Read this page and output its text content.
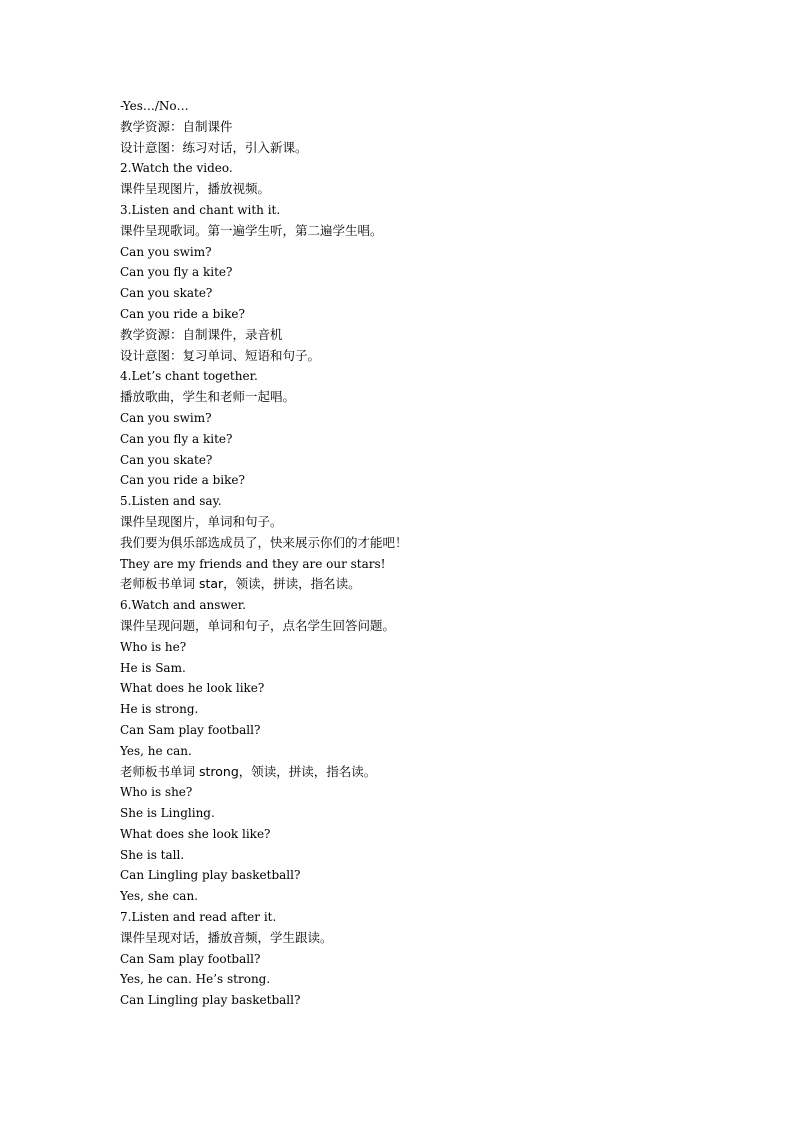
-Yes…/No…
教学资源：自制课件
设计意图：练习对话，引入新课。
2.Watch the video.
课件呈现图片，播放视频。
3.Listen and chant with it.
课件呈现歌词。第一遍学生听，第二遍学生唱。
Can you swim?
Can you fly a kite?
Can you skate?
Can you ride a bike?
教学资源：自制课件，录音机
设计意图：复习单词、短语和句子。
4.Let’s chant together.
播放歌曲，学生和老师一起唱。
Can you swim?
Can you fly a kite?
Can you skate?
Can you ride a bike?
5.Listen and say.
课件呈现图片，单词和句子。
我们要为俱乐部选成员了，快来展示你们的才能吧！
They are my friends and they are our stars!
老师板书单词 star，领读，拼读，指名读。
6.Watch and answer.
课件呈现问题，单词和句子，点名学生回答问题。
Who is he?
He is Sam.
What does he look like?
He is strong.
Can Sam play football?
Yes, he can.
老师板书单词 strong，领读，拼读，指名读。
Who is she?
She is Lingling.
What does she look like?
She is tall.
Can Lingling play basketball?
Yes, she can.
7.Listen and read after it.
课件呈现对话，播放音频，学生跟读。
Can Sam play football?
Yes, he can. He’s strong.
Can Lingling play basketball?
